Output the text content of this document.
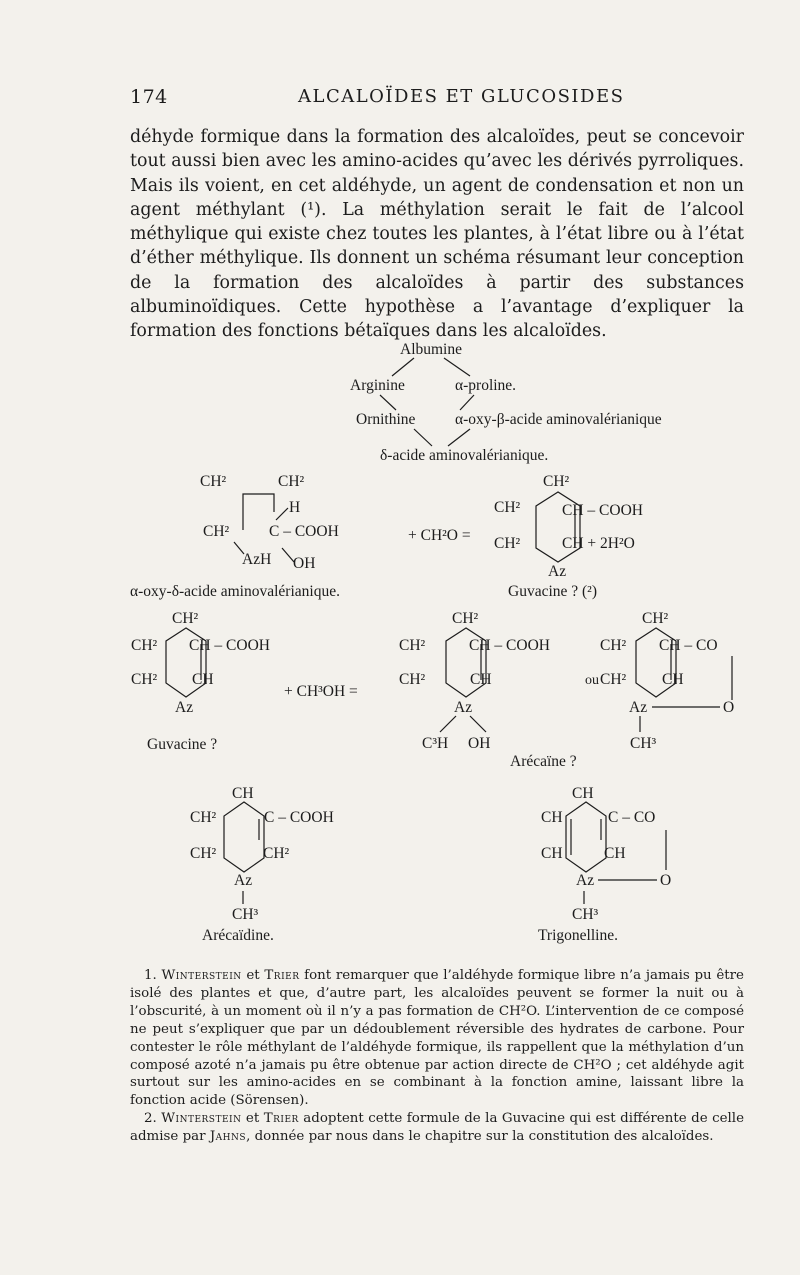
174	ALCALOÏDES ET GLUCOSIDES

déhyde formique dans la formation des alcaloïdes, peut se concevoir tout aussi bien avec les amino-acides qu’avec les dérivés pyrroliques. Mais ils voient, en cet aldéhyde, un agent de condensation et non un agent méthylant (¹). La méthylation serait le fait de l’alcool méthylique qui existe chez toutes les plantes, à l’état libre ou à l’état d’éther méthylique. Ils donnent un schéma résumant leur conception de la formation des alcaloïdes à partir des substances albuminoïdiques. Cette hypothèse a l’avantage d’expliquer la formation des fonctions bétaïques dans les alcaloïdes.

Albumine
Arginine	α-proline.
Ornithine	α-oxy-β-acide aminovalérianique
δ-acide aminovalérianique.
CH²	CH²
H
CH²	C – COOH	+ CH²O =
AzH OH
CH²
CH²	CH – COOH
CH²	CH + 2H²O
Az
α-oxy-δ-acide aminovalérianique.	Guvacine ? (²)
CH²
CH² CH – COOH
CH² CH
Az
+ CH³OH =
CH²
CH²	CH – COOH
CH²	CH
Az
C³H OH
ou
CH²
CH² CH – CO
CH² CH
Az	O
CH³
Guvacine ?
Arécaïne ?
CH
CH²	C – COOH
CH²	CH²
Az
CH³
Arécaïdine.
CH
CH	C – CO
CH	CH
Az	O
CH³
Trigonelline.

1. Winterstein et Trier font remarquer que l’aldéhyde formique libre n’a jamais pu être isolé des plantes et que, d’autre part, les alcaloïdes peuvent se former la nuit ou à l’obscurité, à un moment où il n’y a pas formation de CH²O. L’intervention de ce composé ne peut s’expliquer que par un dédoublement réversible des hydrates de carbone. Pour contester le rôle méthylant de l’aldéhyde formique, ils rappellent que la méthylation d’un composé azoté n’a jamais pu être obtenue par action directe de CH²O ; cet aldéhyde agit surtout sur les amino-acides en se combinant à la fonction amine, laissant libre la fonction acide (Sörensen).

2. Winterstein et Trier adoptent cette formule de la Guvacine qui est différente de celle admise par Jahns, donnée par nous dans le chapitre sur la constitution des alcaloïdes.
